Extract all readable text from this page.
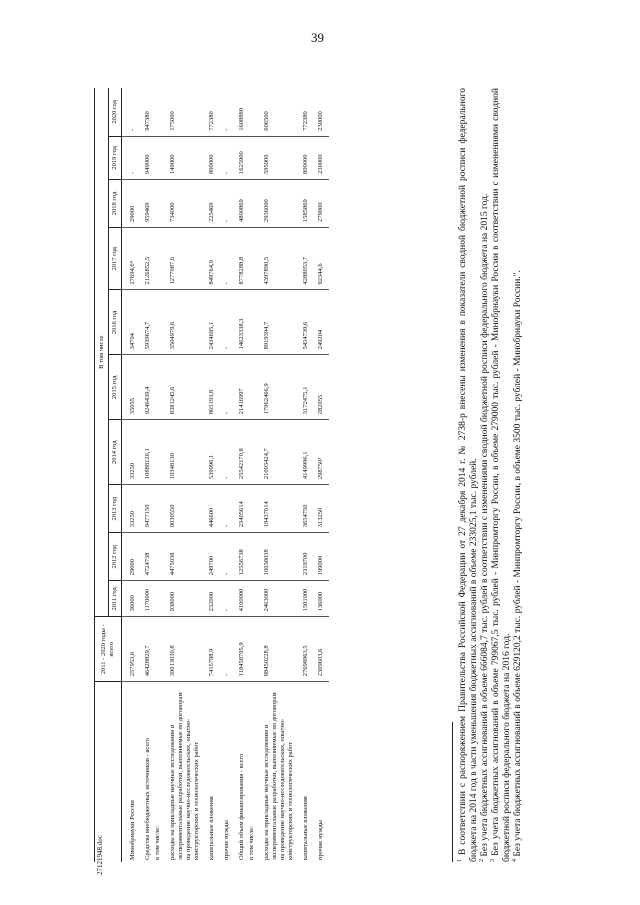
39
27121948.doc
	2011 - 2020 годы - всего	В том числе									
		2011 год	2012 год	2013 год	2014 год	2015 год	2016 год	2017 год	2018 год	2019 год	2020 год
Минобрнауки России	257953,6	36000	29000	33250	33250	35055	34704	27694,6⁴	29000	-	-
Средства внебюджетных источников - всего	46428829,7	1170000	4724738	9477150	10888126,1	9246439,4	5939674,7	2126852,5	959469	949000	947380
в том числе:											
расходы на прикладные научные исследования и экспериментальные разработки, выполняемые по договорам на проведение научно-исследовательских, опытно-конструкторских и технологических работ	39013030,8	938000	4475038	9030550	10348130	8381245,6	3504979,6	1277087,6	734000	149000	175000
капитальные вложения	7415798,9	232000	249700	446600	539996,1	865193,8	2434695,1	849764,9	225469	800000	772380
прочие нужды	-	-	-	-	-	-	-	-	-	-	-
Общий объем финансирования - всего	118458795,9	4100000	12556738	23405614	25542170,8	21416997	14623338,3	8778288,8	4800869	1625900	1608880
в том числе:											
расходы на прикладные научные исследования и экспериментальные разработки, выполняемые по договорам на проведение научно-исследовательских, опытно-конструкторских и технологических работ	88450228,8	2463000	10038038	19437614	21093424,7	17962466,9	8919394,7	4397890,5	2936000	595900	606500
капитальные вложения	27698963,5	1501000	2319700	3654750	4149996,1	3172475,1	5454739,6	4288053,7	1585869	800000	772380
прочие нужды	2309603,6	136000	199000	313250	298750³	282055	249204	92344,6	279000	230000	230000

$^1$ В соответствии с распоряжением Правительства Российской Федерации от 27 декабря 2014 г. № 2738-р внесены изменения в показатели сводной бюджетной росписи федерального бюджета на 2014 год в части уменьшения бюджетных ассигнований в объеме 233025,1 тыс. рублей. $^2$ Без учета бюджетных ассигнований в объеме 666084,7 тыс. рублей в соответствии с изменениями сводной бюджетной росписи федерального бюджета на 2015 год.

$^3$ Без учета бюджетных ассигнований в объеме 799067,5 тыс. рублей - Минпромторгу России, в объеме 279000 тыс. рублей - Минобрнауки России в соответствии с изменениями сводной бюджетной росписи федерального бюджета на 2016 год. $^4$ Без учета бюджетных ассигнований в объеме 629120,2 тыс. рублей - Минпромторгу России, в объеме 3500 тыс. рублей - Минобрнауки России.".
